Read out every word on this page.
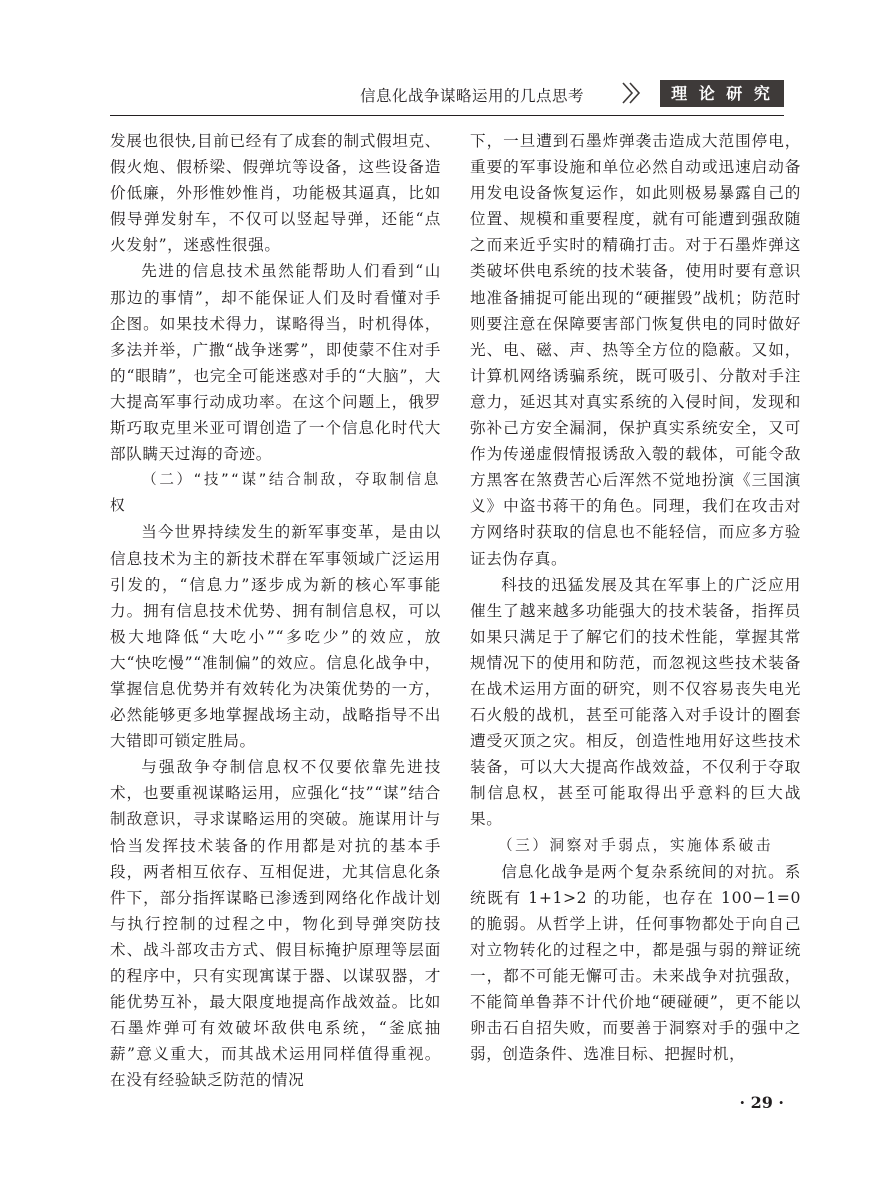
信息化战争谋略运用的几点思考	理 论 研 究

发展也很快,目前已经有了成套的制式假坦克、假火炮、假桥梁、假弹坑等设备，这些设备造价低廉，外形惟妙惟肖，功能极其逼真，比如假导弹发射车，不仅可以竖起导弹，还能“点火发射”，迷惑性很强。

先进的信息技术虽然能帮助人们看到“山那边的事情”，却不能保证人们及时看懂对手企图。如果技术得力，谋略得当，时机得体，多法并举，广撒“战争迷雾”，即使蒙不住对手的“眼睛”，也完全可能迷惑对手的“大脑”，大大提高军事行动成功率。在这个问题上，俄罗斯巧取克里米亚可谓创造了一个信息化时代大部队瞒天过海的奇迹。

（二）“技”“谋”结合制敌，夺取制信息权

当今世界持续发生的新军事变革，是由以信息技术为主的新技术群在军事领域广泛运用引发的，“信息力”逐步成为新的核心军事能力。拥有信息技术优势、拥有制信息权，可以极大地降低“大吃小”“多吃少”的效应，放大“快吃慢”“准制偏”的效应。信息化战争中，掌握信息优势并有效转化为决策优势的一方，必然能够更多地掌握战场主动，战略指导不出大错即可锁定胜局。

与强敌争夺制信息权不仅要依靠先进技术，也要重视谋略运用，应强化“技”“谋”结合制敌意识，寻求谋略运用的突破。施谋用计与恰当发挥技术装备的作用都是对抗的基本手段，两者相互依存、互相促进，尤其信息化条件下，部分指挥谋略已渗透到网络化作战计划与执行控制的过程之中，物化到导弹突防技术、战斗部攻击方式、假目标掩护原理等层面的程序中，只有实现寓谋于器、以谋驭器，才能优势互补，最大限度地提高作战效益。比如石墨炸弹可有效破坏敌供电系统，“釜底抽薪”意义重大，而其战术运用同样值得重视。在没有经验缺乏防范的情况

下，一旦遭到石墨炸弹袭击造成大范围停电，重要的军事设施和单位必然自动或迅速启动备用发电设备恢复运作，如此则极易暴露自己的位置、规模和重要程度，就有可能遭到强敌随之而来近乎实时的精确打击。对于石墨炸弹这类破坏供电系统的技术装备，使用时要有意识地准备捕捉可能出现的“硬摧毁”战机；防范时则要注意在保障要害部门恢复供电的同时做好光、电、磁、声、热等全方位的隐蔽。又如，计算机网络诱骗系统，既可吸引、分散对手注意力，延迟其对真实系统的入侵时间，发现和弥补己方安全漏洞，保护真实系统安全，又可作为传递虚假情报诱敌入彀的载体，可能令敌方黑客在煞费苦心后浑然不觉地扮演《三国演义》中盗书蒋干的角色。同理，我们在攻击对方网络时获取的信息也不能轻信，而应多方验证去伪存真。

科技的迅猛发展及其在军事上的广泛应用催生了越来越多功能强大的技术装备，指挥员如果只满足于了解它们的技术性能，掌握其常规情况下的使用和防范，而忽视这些技术装备在战术运用方面的研究，则不仅容易丧失电光石火般的战机，甚至可能落入对手设计的圈套遭受灭顶之灾。相反，创造性地用好这些技术装备，可以大大提高作战效益，不仅利于夺取制信息权，甚至可能取得出乎意料的巨大战果。

（三）洞察对手弱点，实施体系破击

信息化战争是两个复杂系统间的对抗。系统既有 1+1>2 的功能，也存在 100−1=0 的脆弱。从哲学上讲，任何事物都处于向自己对立物转化的过程之中，都是强与弱的辩证统一，都不可能无懈可击。未来战争对抗强敌，不能简单鲁莽不计代价地“硬碰硬”，更不能以卵击石自招失败，而要善于洞察对手的强中之弱，创造条件、选准目标、把握时机，

· 29 ·
